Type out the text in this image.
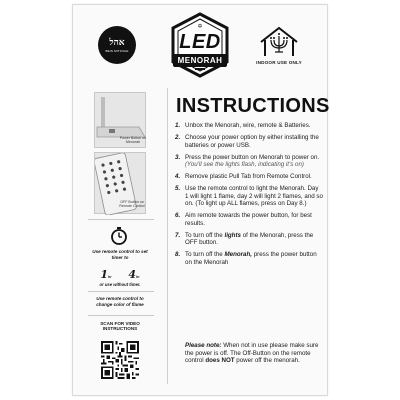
אהל
BEIS MITZVAH
✡
LED
MENORAH	INDOOR USE ONLY
Power Button on Menorah
OFF Button on Remote Control
Use remote control to set timer to
1hr 4hr
or use without timer.
Use remote control to change color of flame
SCAN FOR VIDEO INSTRUCTIONS
INSTRUCTIONS
1. Unbox the Menorah, wire, remote & Batteries.
2. Choose your power option by either installing the batteries or power USB.
3. Press the power button on Menorah to power on. (You'll see the lights flash, indicating it's on)
4. Remove plastic Pull Tab from Remote Control.
5. Use the remote control to light the Menorah. Day 1 will light 1 flame, day 2 will light 2 flames, and so on. (To light up ALL flames, press on Day 8.)
6. Aim remote towards the power button, for best results.
7. To turn off the lights of the Menorah, press the OFF button.
8. To turn off the Menorah, press the power button on the Menorah
Please note: When not in use please make sure the power is off. The Off-Button on the remote control does NOT power off the menorah.
